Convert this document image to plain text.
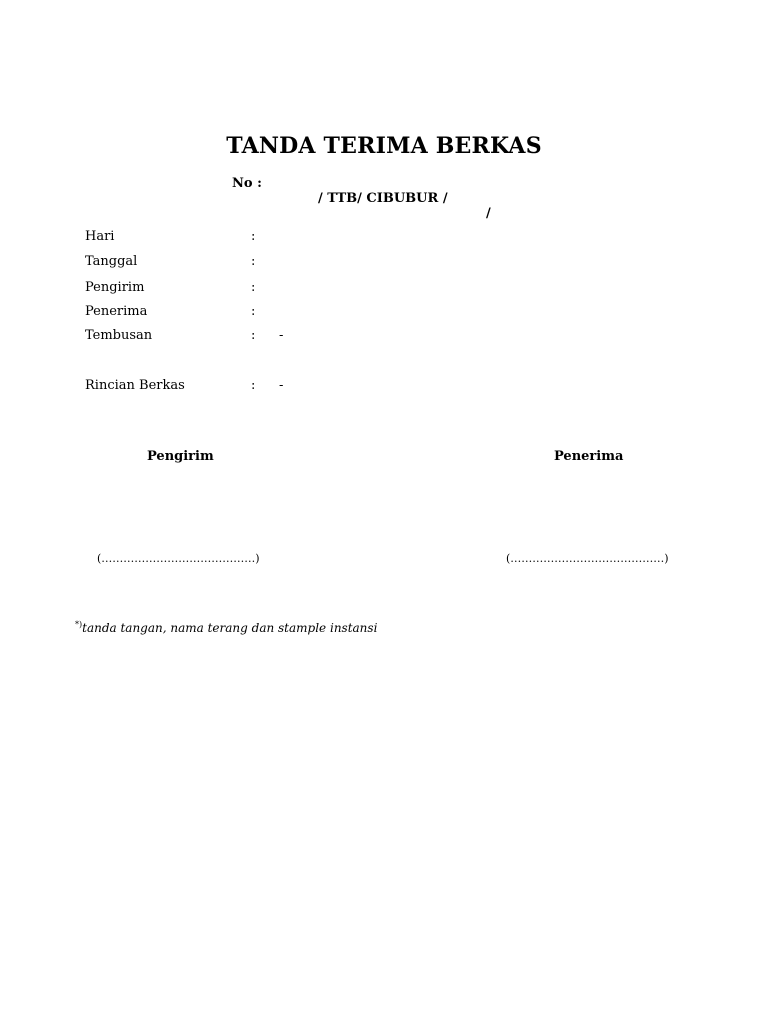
TANDA TERIMA BERKAS

No :

/ TTB/ CIBUBUR /

/

Hari	:
Tanggal	:
Pengirim	:
Penerima	:
Tembusan	: -
Rincian Berkas	: -
Pengirim	Penerima
(……………………………………)	(……………………………………)
*)tanda tangan, nama terang dan stample instansi
